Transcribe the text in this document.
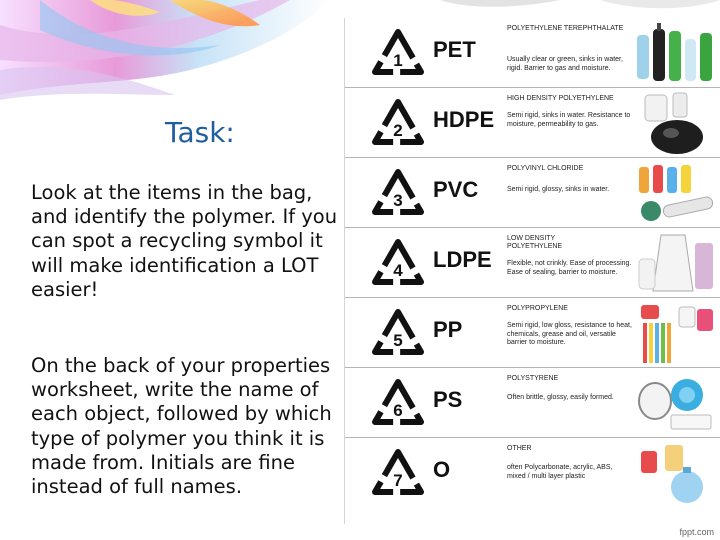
Task:
Look at the items in the bag, and identify the polymer. If you can spot a recycling symbol it will make identification a LOT easier!
On the back of your properties worksheet, write the name of each object, followed by which type of polymer you think it is made from. Initials are fine instead of full names.
1 PET
POLYETHYLENE TEREPHTHALATE
Usually clear or green, sinks in water, rigid. Barrier to gas and moisture.
2 HDPE
HIGH DENSITY POLYETHYLENE
Semi rigid, sinks in water. Resistance to moisture, permeability to gas.
3 PVC
POLYVINYL CHLORIDE
Semi rigid, glossy, sinks in water.
4 LDPE
LOW DENSITY POLYETHYLENE
Flexible, not crinkly. Ease of processing. Ease of sealing, barrier to moisture.
5 PP
POLYPROPYLENE
Semi rigid, low gloss, resistance to heat, chemicals, grease and oil, versatile barrier to moisture.
6 PS
POLYSTYRENE
Often brittle, glossy, easily formed.
7 O
OTHER
often Polycarbonate, acrylic, ABS, mixed / multi layer plastic
fppt.com
